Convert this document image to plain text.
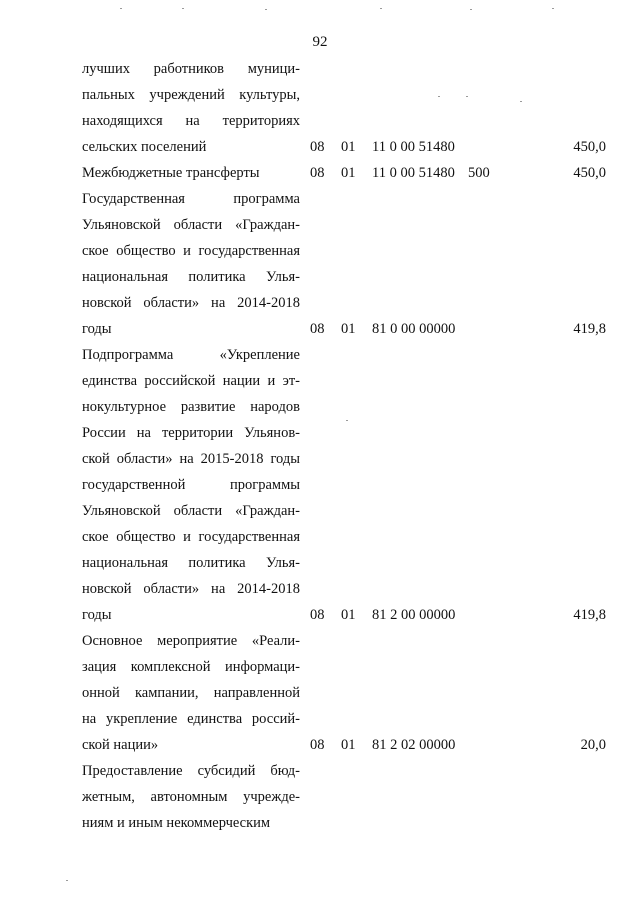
92
лучших работников муници-
пальных учреждений культуры,
находящихся на территориях
сельских поселений	08 01 11 0 00 51480	450,0
Межбюджетные трансферты	08 01 11 0 00 51480 500	450,0
Государственная программа
Ульяновской области «Граждан-
ское общество и государственная
национальная политика Улья-
новской области» на 2014-2018
годы	08 01 81 0 00 00000	419,8
Подпрограмма «Укрепление
единства российской нации и эт-
нокультурное развитие народов
России на территории Ульянов-
ской области» на 2015-2018 годы
государственной программы
Ульяновской области «Граждан-
ское общество и государственная
национальная политика Улья-
новской области» на 2014-2018
годы	08 01 81 2 00 00000	419,8
Основное мероприятие «Реали-
зация комплексной информаци-
онной кампании, направленной
на укрепление единства россий-
ской нации»	08 01 81 2 02 00000	20,0
Предоставление субсидий бюд-
жетным, автономным учрежде-
ниям и иным некоммерческим
